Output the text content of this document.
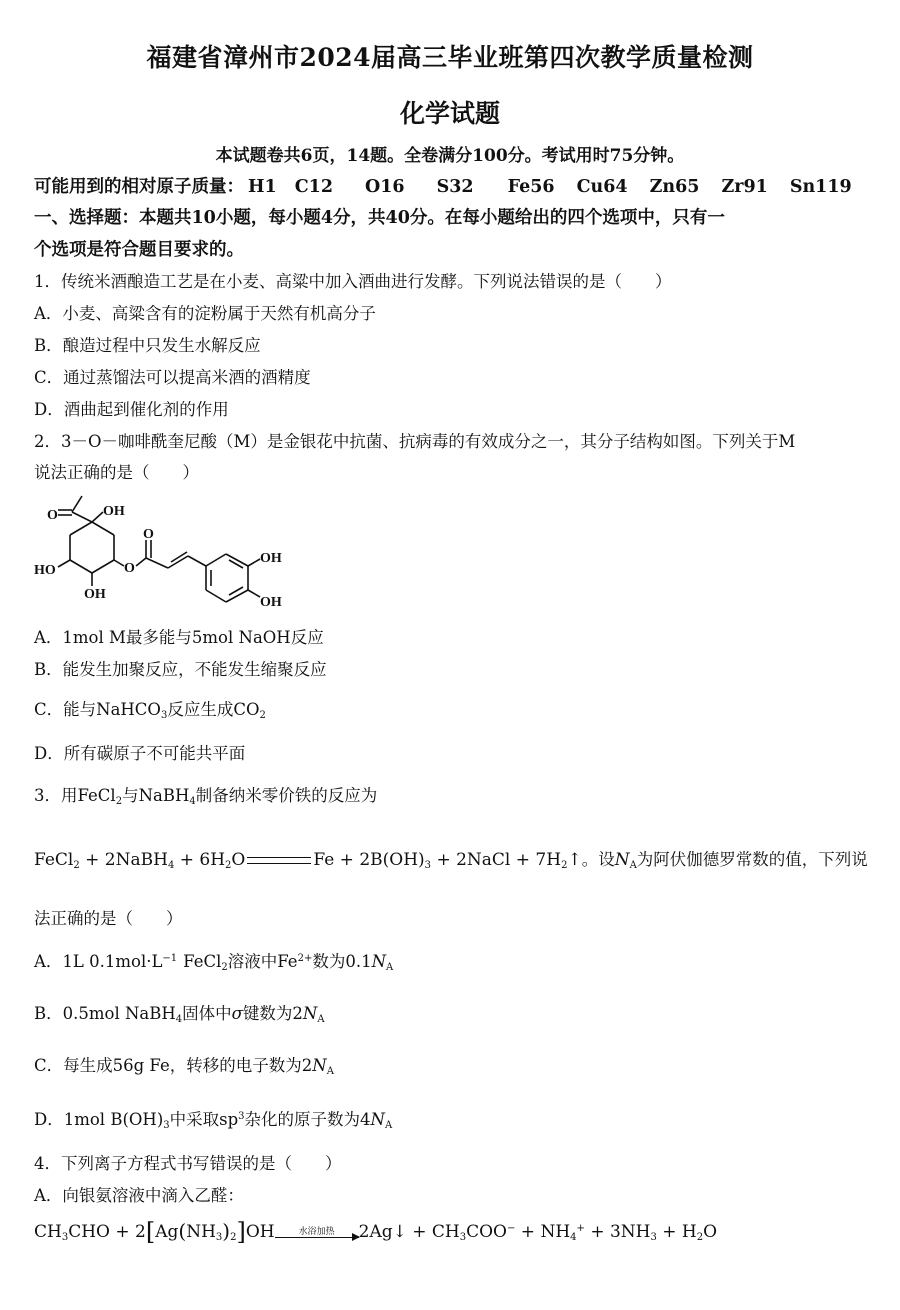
福建省漳州市2024届高三毕业班第四次教学质量检测
化学试题
本试题卷共6页，14题。全卷满分100分。考试用时75分钟。
可能用到的相对原子质量： H1 C12 O16 S32 Fe56 Cu64 Zn65 Zr91 Sn119
一、选择题：本题共10小题，每小题4分，共40分。在每小题给出的四个选项中，只有一
个选项是符合题目要求的。
1．传统米酒酿造工艺是在小麦、高粱中加入酒曲进行发酵。下列说法错误的是（　　）
A．小麦、高粱含有的淀粉属于天然有机高分子
B．酿造过程中只发生水解反应
C．通过蒸馏法可以提高米酒的酒精度
D．酒曲起到催化剂的作用
2．3－O－咖啡酰奎尼酸（M）是金银花中抗菌、抗病毒的有效成分之一，其分子结构如图。下列关于M
说法正确的是（　　）
O	OH
HO
OH
O
O
OH
OH
A．1mol M最多能与5mol NaOH反应
B．能发生加聚反应，不能发生缩聚反应
C．能与NaHCO$_3$反应生成$CO_2$
D．所有碳原子不可能共平面
3．用FeCl$_2$与NaBH$_4$制备纳米零价铁的反应为
FeCl$_2$ + 2NaBH$_4$ + $6H_2O$	$Fe + 2B(OH)_3$ + 2NaCl + $7H_2↑$。设$N_A$为阿伏伽德罗常数的值，下列说
法正确的是（　　）
A．1L $0.1mol\cdot L^{-1}$ FeCl$_2$溶液中$Fe^{2+}$数为$0.1N_A$
B．0.5mol NaBH$_4$固体中σ键数为$2N_A$
C．每生成56g Fe，转移的电子数为$2N_A$
D．1mol $B(OH)_3$中采取$sp^3$杂化的原子数为$4N_A$
4．下列离子方程式书写错误的是（　　）
A．向银氨溶液中滴入乙醛：
$CH_3CHO + 2[Ag(NH_3)_2]OH$	水浴加热	2Ag↓ + $CH_3COO^- + NH_4^+ + 3NH_3 + H_2O$
